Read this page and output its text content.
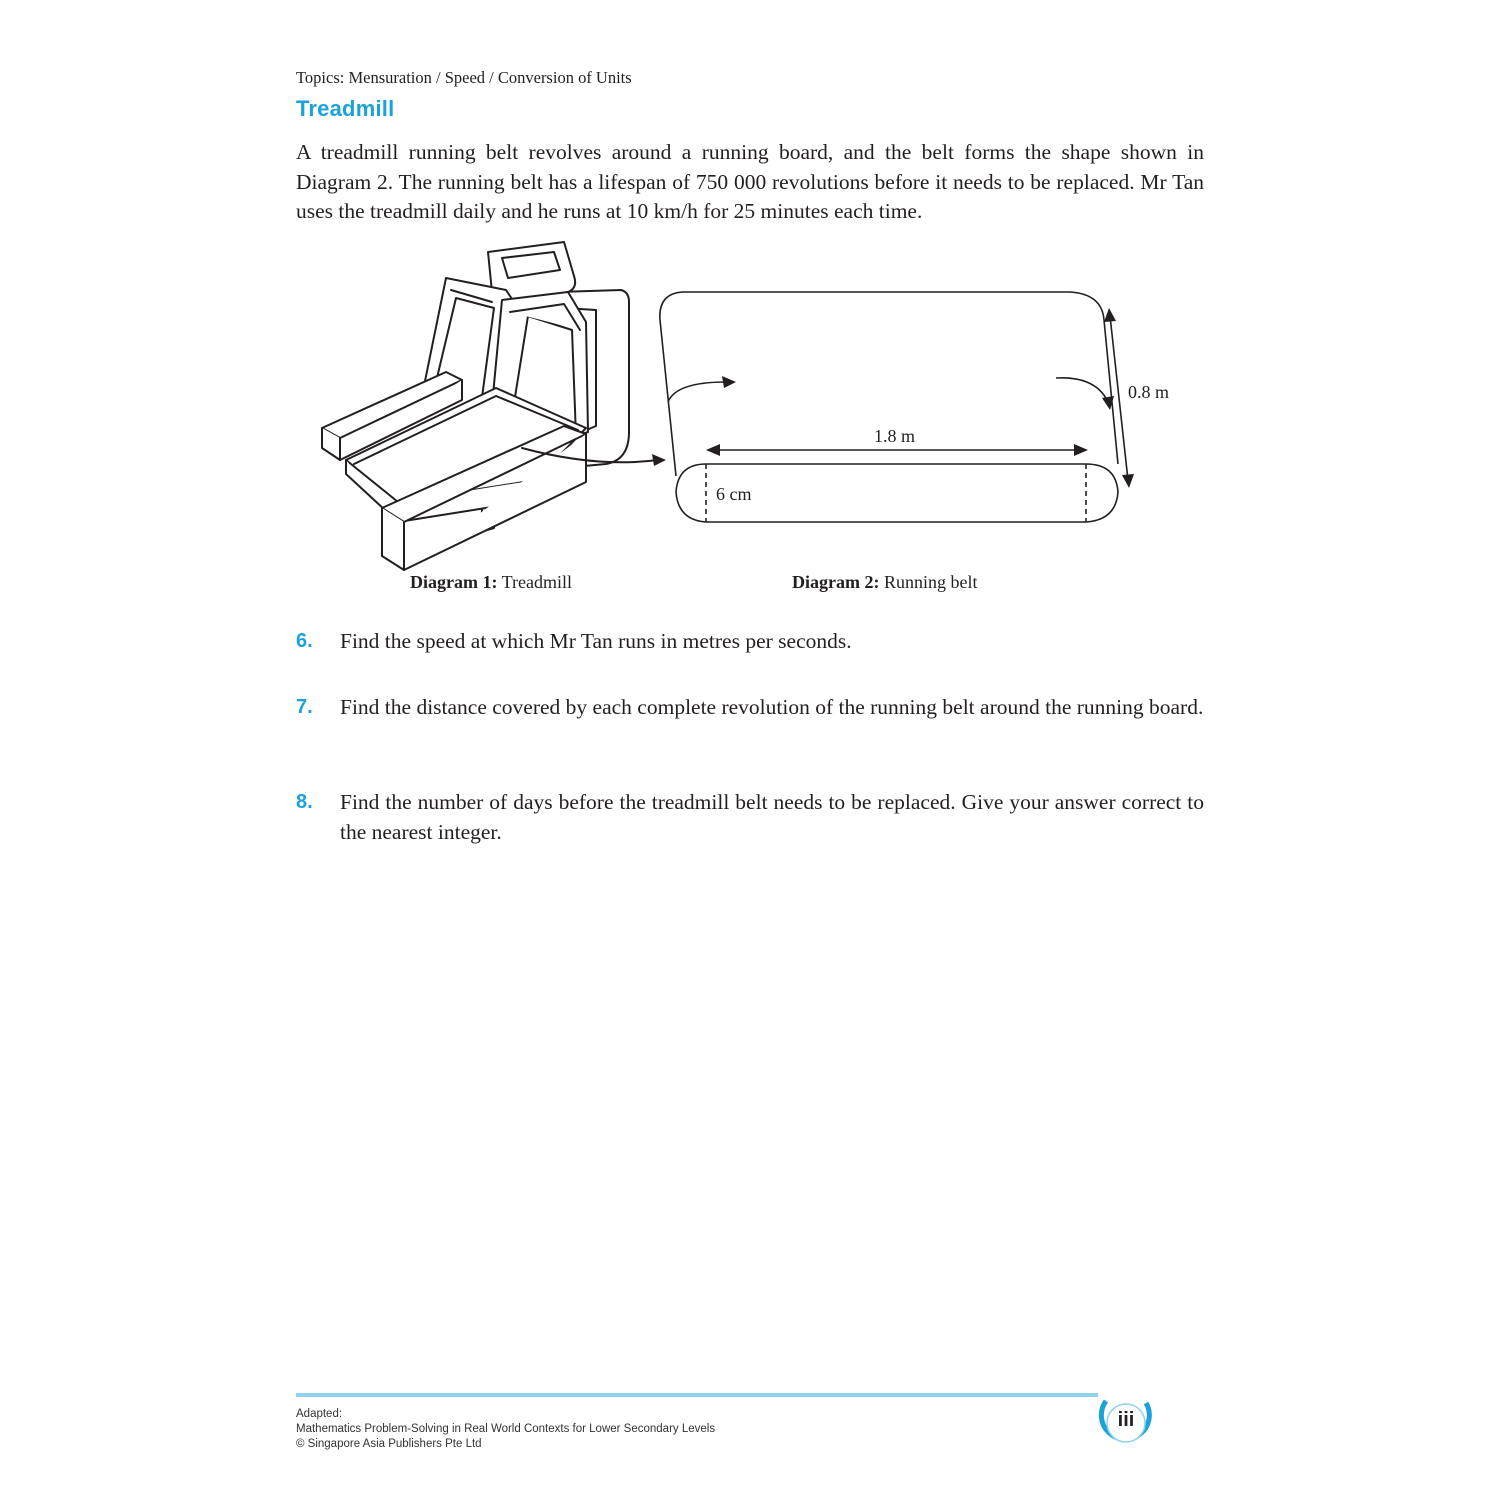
Topics: Mensuration / Speed / Conversion of Units
Treadmill
A treadmill running belt revolves around a running board, and the belt forms the shape shown in Diagram 2. The running belt has a lifespan of 750 000 revolutions before it needs to be replaced. Mr Tan uses the treadmill daily and he runs at 10 km/h for 25 minutes each time.
1.8 m
0.8 m
6 cm
Diagram 1: Treadmill	Diagram 2: Running belt
6. Find the speed at which Mr Tan runs in metres per seconds.
7. Find the distance covered by each complete revolution of the running belt around the running board.
8. Find the number of days before the treadmill belt needs to be replaced. Give your answer correct to the nearest integer.
Adapted:
Mathematics Problem-Solving in Real World Contexts for Lower Secondary Levels
© Singapore Asia Publishers Pte Ltd
iii
